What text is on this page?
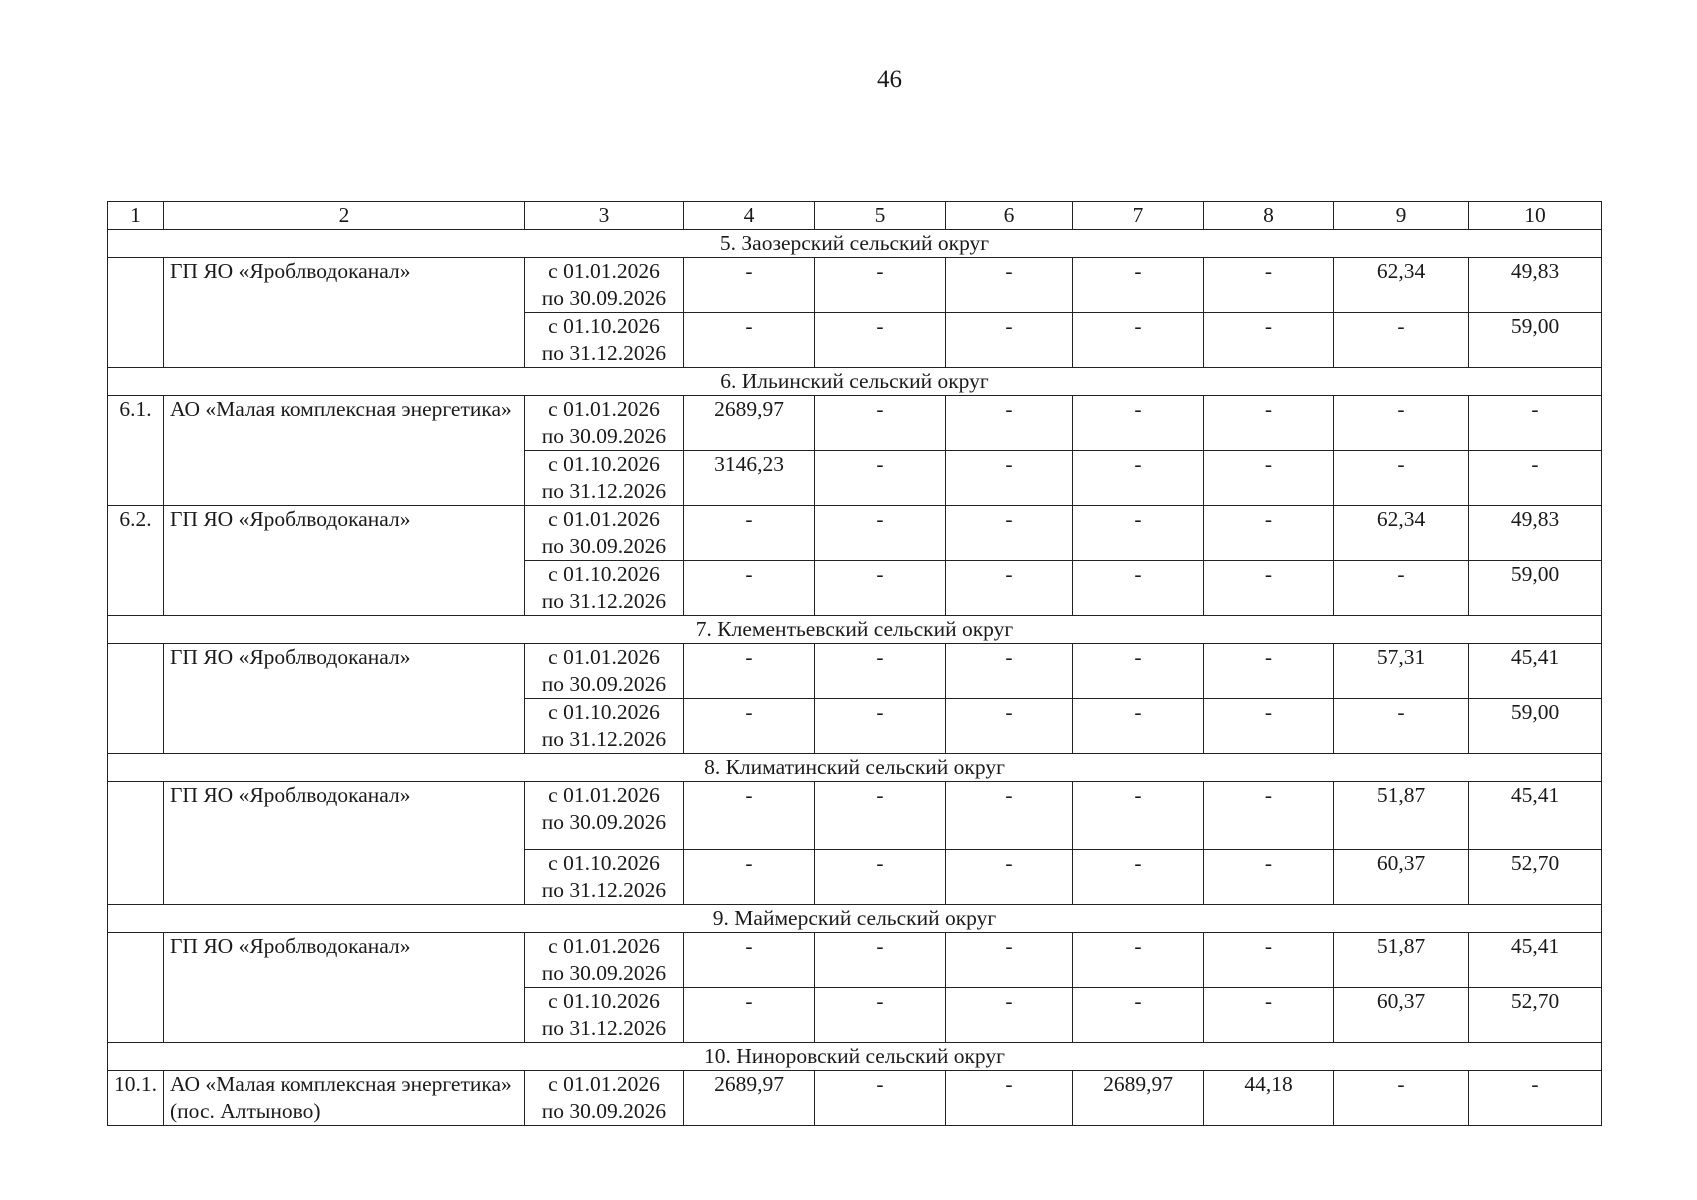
46
1	2	3	4	5	6	7	8	9	10
5. Заозерский сельский округ									
	ГП ЯО «Яроблводоканал»	с 01.01.2026
по 30.09.2026	-	-	-	-	-	62,34	49,83

		с 01.10.2026
по 31.12.2026	-	-	-	-	-	-	59,00
6. Ильинский сельский округ									
6.1.	АО «Малая комплексная энергетика»	с 01.01.2026
по 30.09.2026	2689,97	-	-	-	-	-	-

		с 01.10.2026
по 31.12.2026	3146,23	-	-	-	-	-	-
6.2.	ГП ЯО «Яроблводоканал»	с 01.01.2026
по 30.09.2026	-	-	-	-	-	62,34	49,83

		с 01.10.2026
по 31.12.2026	-	-	-	-	-	-	59,00
7. Клементьевский сельский округ									
	ГП ЯО «Яроблводоканал»	с 01.01.2026
по 30.09.2026	-	-	-	-	-	57,31	45,41

		с 01.10.2026
по 31.12.2026	-	-	-	-	-	-	59,00
8. Климатинский сельский округ									
	ГП ЯО «Яроблводоканал»	с 01.01.2026
по 30.09.2026	-	-	-	-	-	51,87	45,41

		с 01.10.2026
по 31.12.2026	-	-	-	-	-	60,37	52,70
9. Маймерский сельский округ									
	ГП ЯО «Яроблводоканал»	с 01.01.2026
по 30.09.2026	-	-	-	-	-	51,87	45,41

		с 01.10.2026
по 31.12.2026	-	-	-	-	-	60,37	52,70
10. Ниноровский сельский округ									
10.1.	АО «Малая комплексная энергетика» (пос. Алтыново)	с 01.01.2026
по 30.09.2026	2689,97	-	-	2689,97	44,18	-	-
